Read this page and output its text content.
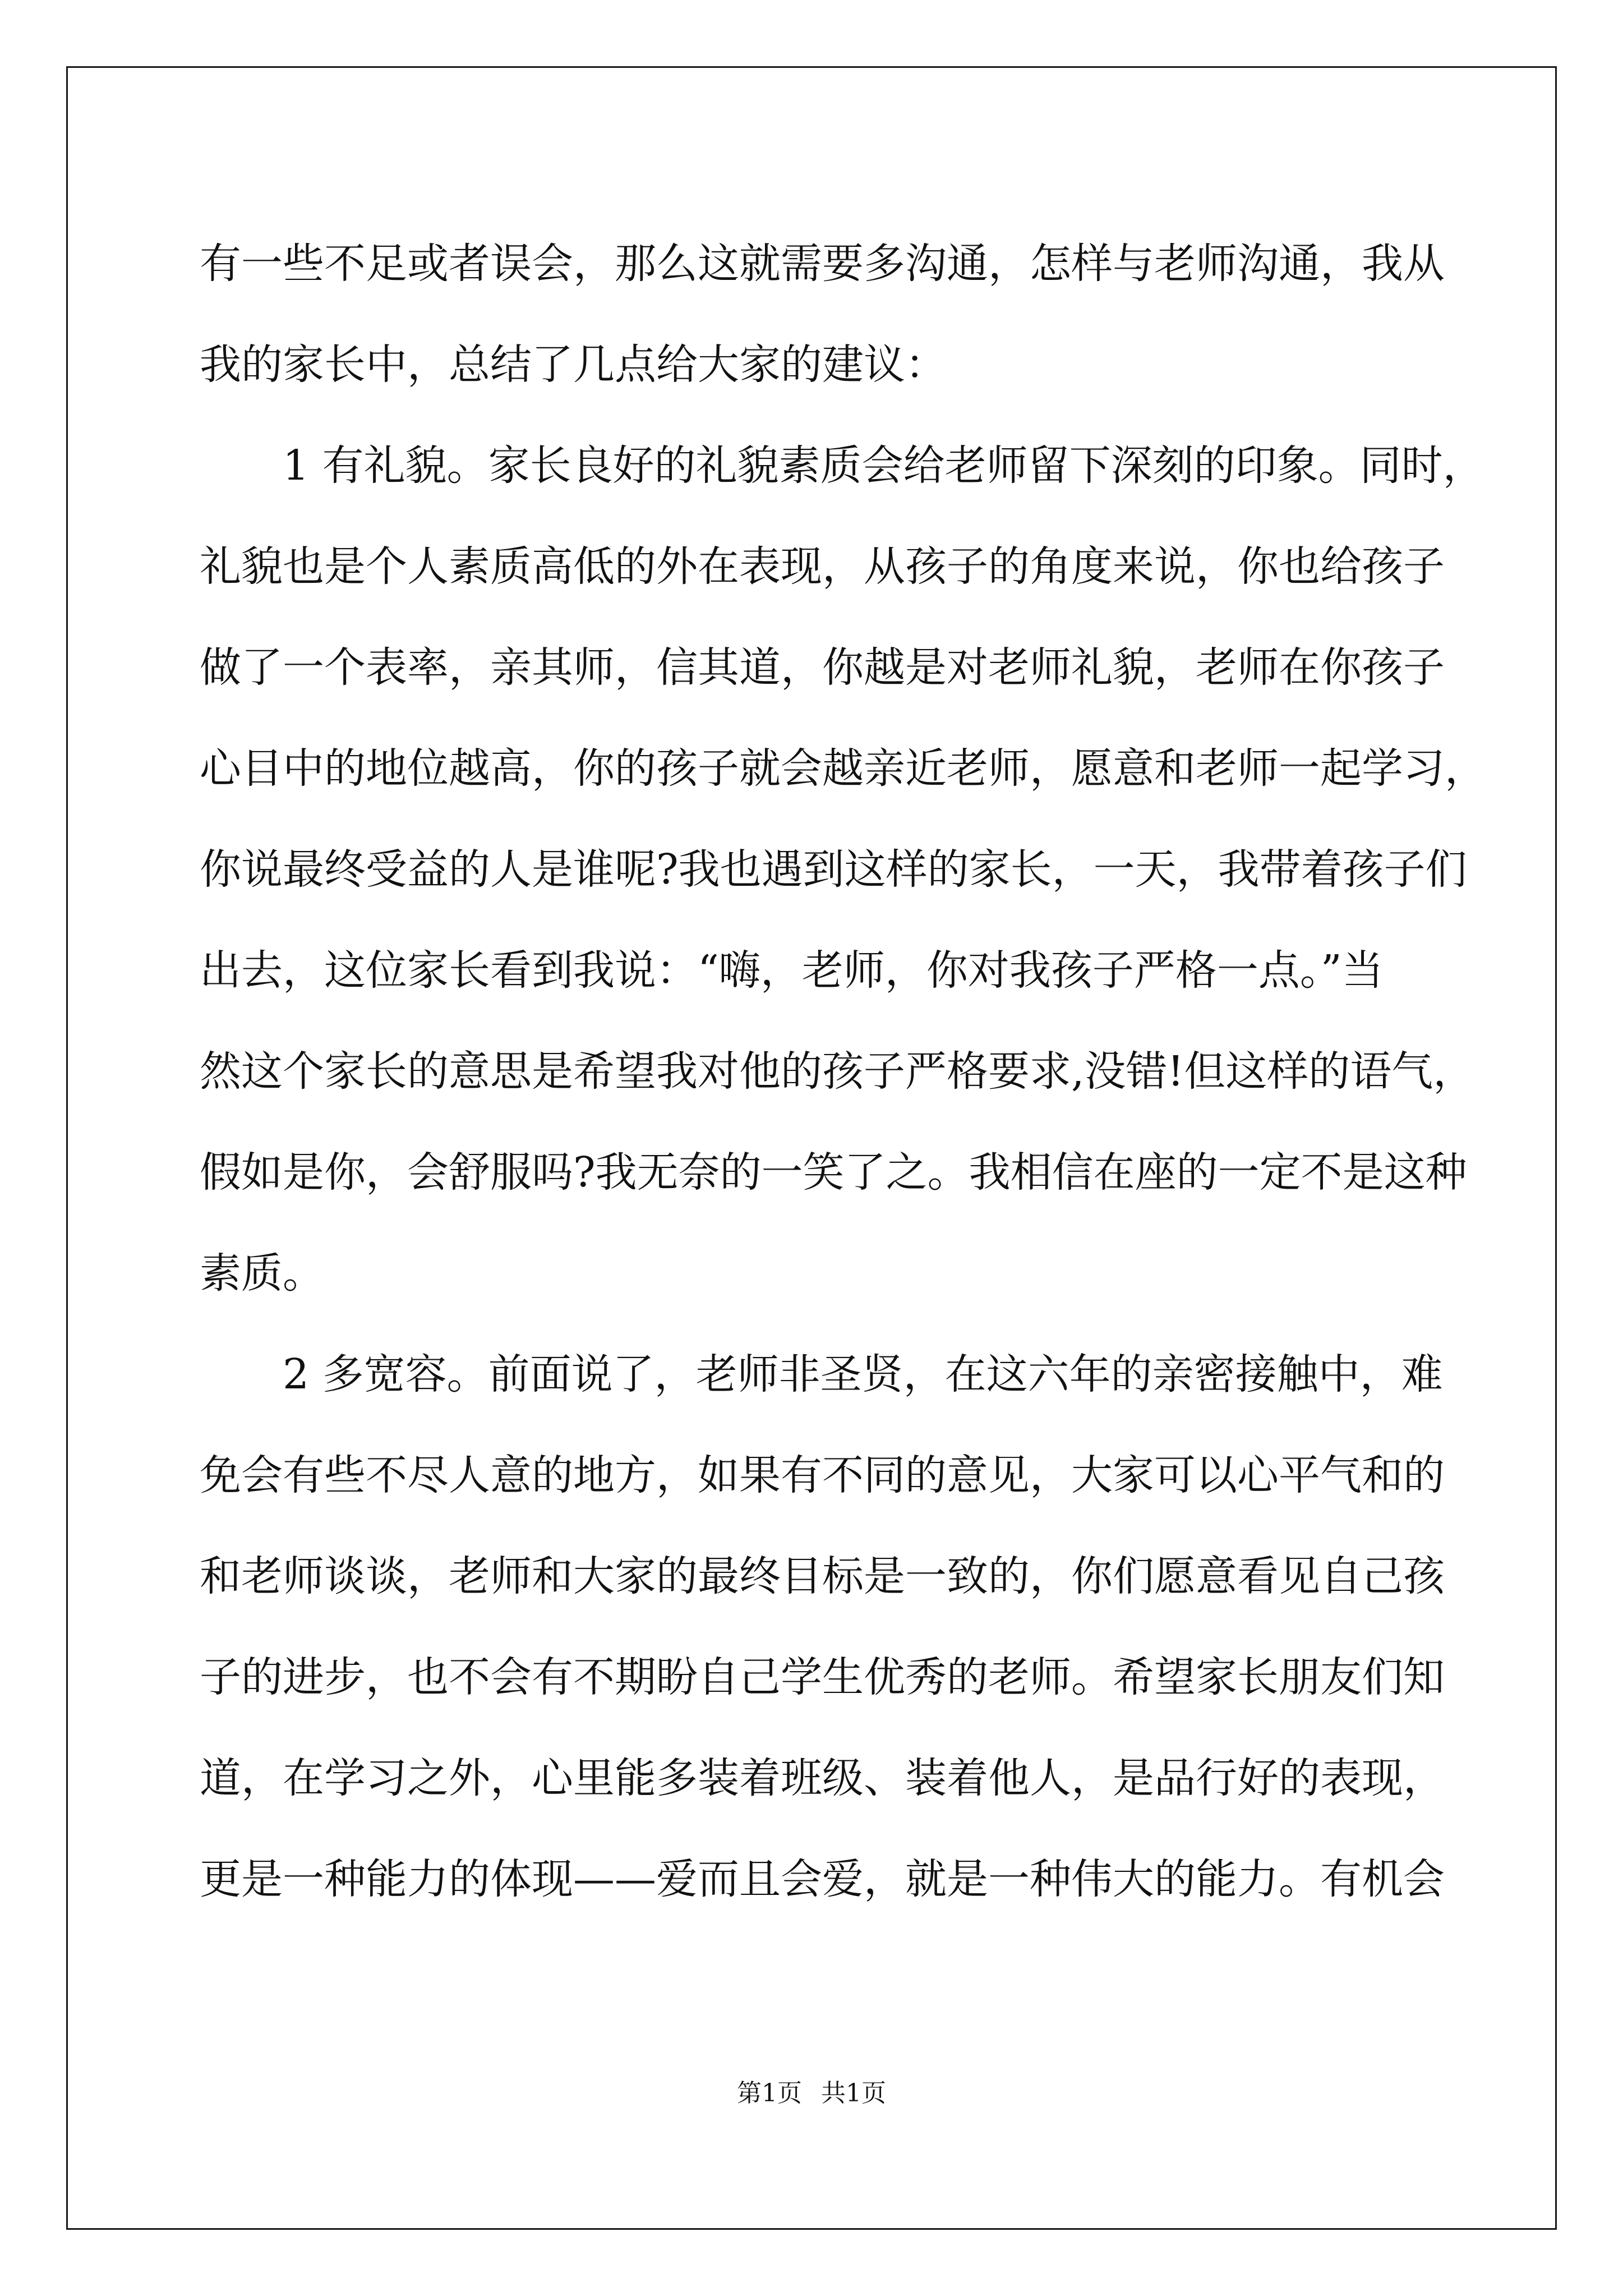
有一些不足或者误会，那么这就需要多沟通，怎样与老师沟通，我从
我的家长中，总结了几点给大家的建议：
　　1 有礼貌。家长良好的礼貌素质会给老师留下深刻的印象。同时，
礼貌也是个人素质高低的外在表现，从孩子的角度来说，你也给孩子
做了一个表率，亲其师，信其道，你越是对老师礼貌，老师在你孩子
心目中的地位越高，你的孩子就会越亲近老师，愿意和老师一起学习，
你说最终受益的人是谁呢?我也遇到这样的家长，一天，我带着孩子们
出去，这位家长看到我说：“嗨，老师，你对我孩子严格一点。”当
然这个家长的意思是希望我对他的孩子严格要求,没错!但这样的语气，
假如是你，会舒服吗?我无奈的一笑了之。我相信在座的一定不是这种
素质。
　　2 多宽容。前面说了，老师非圣贤，在这六年的亲密接触中，难
免会有些不尽人意的地方，如果有不同的意见，大家可以心平气和的
和老师谈谈，老师和大家的最终目标是一致的，你们愿意看见自己孩
子的进步，也不会有不期盼自己学生优秀的老师。希望家长朋友们知
道，在学习之外，心里能多装着班级、装着他人，是品行好的表现，
更是一种能力的体现——爱而且会爱，就是一种伟大的能力。有机会
第1页 共1页
